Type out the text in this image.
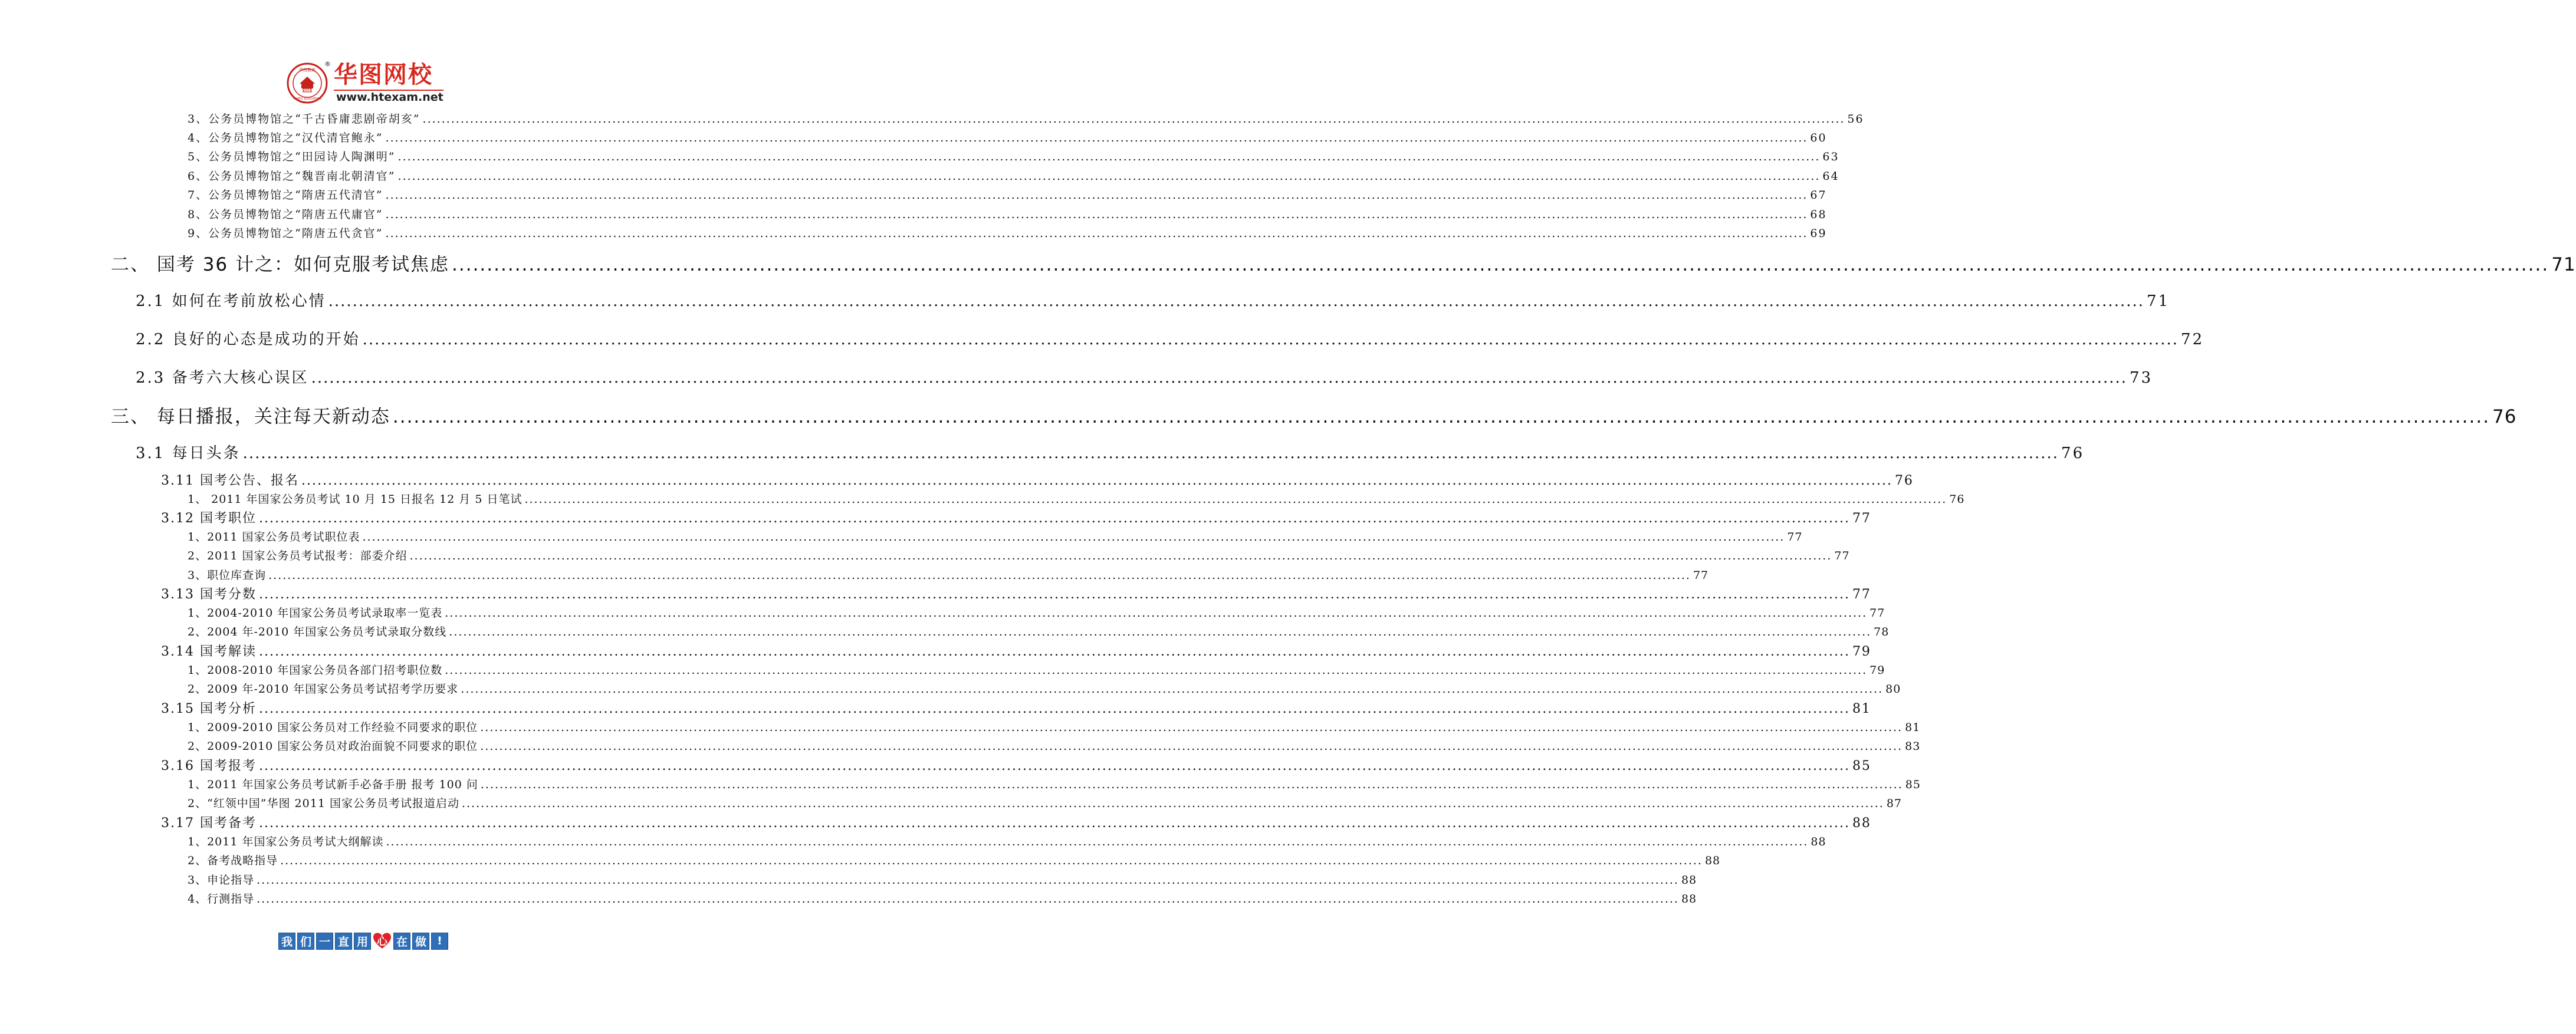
2001
华图教育
HUATU EDUCATION
® 华图网校
www.htexam.net
3、公务员博物馆之“千古昏庸悲剧帝胡亥” ............................................................................................................................................................................................................................................................................................................ 56
4、公务员博物馆之“汉代清官鲍永” ............................................................................................................................................................................................................................................................................................................ 60
5、公务员博物馆之“田园诗人陶渊明” ............................................................................................................................................................................................................................................................................................................ 63
6、公务员博物馆之“魏晋南北朝清官” ............................................................................................................................................................................................................................................................................................................ 64
7、公务员博物馆之“隋唐五代清官” ............................................................................................................................................................................................................................................................................................................ 67
8、公务员博物馆之“隋唐五代庸官” ............................................................................................................................................................................................................................................................................................................ 68
9、公务员博物馆之“隋唐五代贪官” ............................................................................................................................................................................................................................................................................................................ 69
二、 国考 36 计之：如何克服考试焦虑 ............................................................................................................................................................................................................................................................................................................ 71
2.1 如何在考前放松心情 ............................................................................................................................................................................................................................................................................................................ 71
2.2 良好的心态是成功的开始 ............................................................................................................................................................................................................................................................................................................ 72
2.3 备考六大核心误区 ............................................................................................................................................................................................................................................................................................................ 73
三、 每日播报，关注每天新动态 ............................................................................................................................................................................................................................................................................................................ 76
3.1 每日头条 ............................................................................................................................................................................................................................................................................................................ 76
3.11 国考公告、报名 ............................................................................................................................................................................................................................................................................................................ 76
1、 2011 年国家公务员考试 10 月 15 日报名 12 月 5 日笔试 ............................................................................................................................................................................................................................................................................................................ 76
3.12 国考职位 ............................................................................................................................................................................................................................................................................................................ 77
1、2011 国家公务员考试职位表 ............................................................................................................................................................................................................................................................................................................ 77
2、2011 国家公务员考试报考：部委介绍 ............................................................................................................................................................................................................................................................................................................ 77
3、职位库查询 ............................................................................................................................................................................................................................................................................................................ 77
3.13 国考分数 ............................................................................................................................................................................................................................................................................................................ 77
1、2004-2010 年国家公务员考试录取率一览表 ............................................................................................................................................................................................................................................................................................................ 77
2、2004 年-2010 年国家公务员考试录取分数线 ............................................................................................................................................................................................................................................................................................................ 78
3.14 国考解读 ............................................................................................................................................................................................................................................................................................................ 79
1、2008-2010 年国家公务员各部门招考职位数 ............................................................................................................................................................................................................................................................................................................ 79
2、2009 年-2010 年国家公务员考试招考学历要求 ............................................................................................................................................................................................................................................................................................................ 80
3.15 国考分析 ............................................................................................................................................................................................................................................................................................................ 81
1、2009-2010 国家公务员对工作经验不同要求的职位 ............................................................................................................................................................................................................................................................................................................ 81
2、2009-2010 国家公务员对政治面貌不同要求的职位 ............................................................................................................................................................................................................................................................................................................ 83
3.16 国考报考 ............................................................................................................................................................................................................................................................................................................ 85
1、2011 年国家公务员考试新手必备手册 报考 100 问 ............................................................................................................................................................................................................................................................................................................ 85
2、“红领中国”华图 2011 国家公务员考试报道启动 ............................................................................................................................................................................................................................................................................................................ 87
3.17 国考备考 ............................................................................................................................................................................................................................................................................................................ 88
1、2011 年国家公务员考试大纲解读 ............................................................................................................................................................................................................................................................................................................ 88
2、备考战略指导 ............................................................................................................................................................................................................................................................................................................ 88
3、申论指导 ............................................................................................................................................................................................................................................................................................................ 88
4、行测指导 ............................................................................................................................................................................................................................................................................................................ 88
我 们 一 直 用 心 在 做 !
